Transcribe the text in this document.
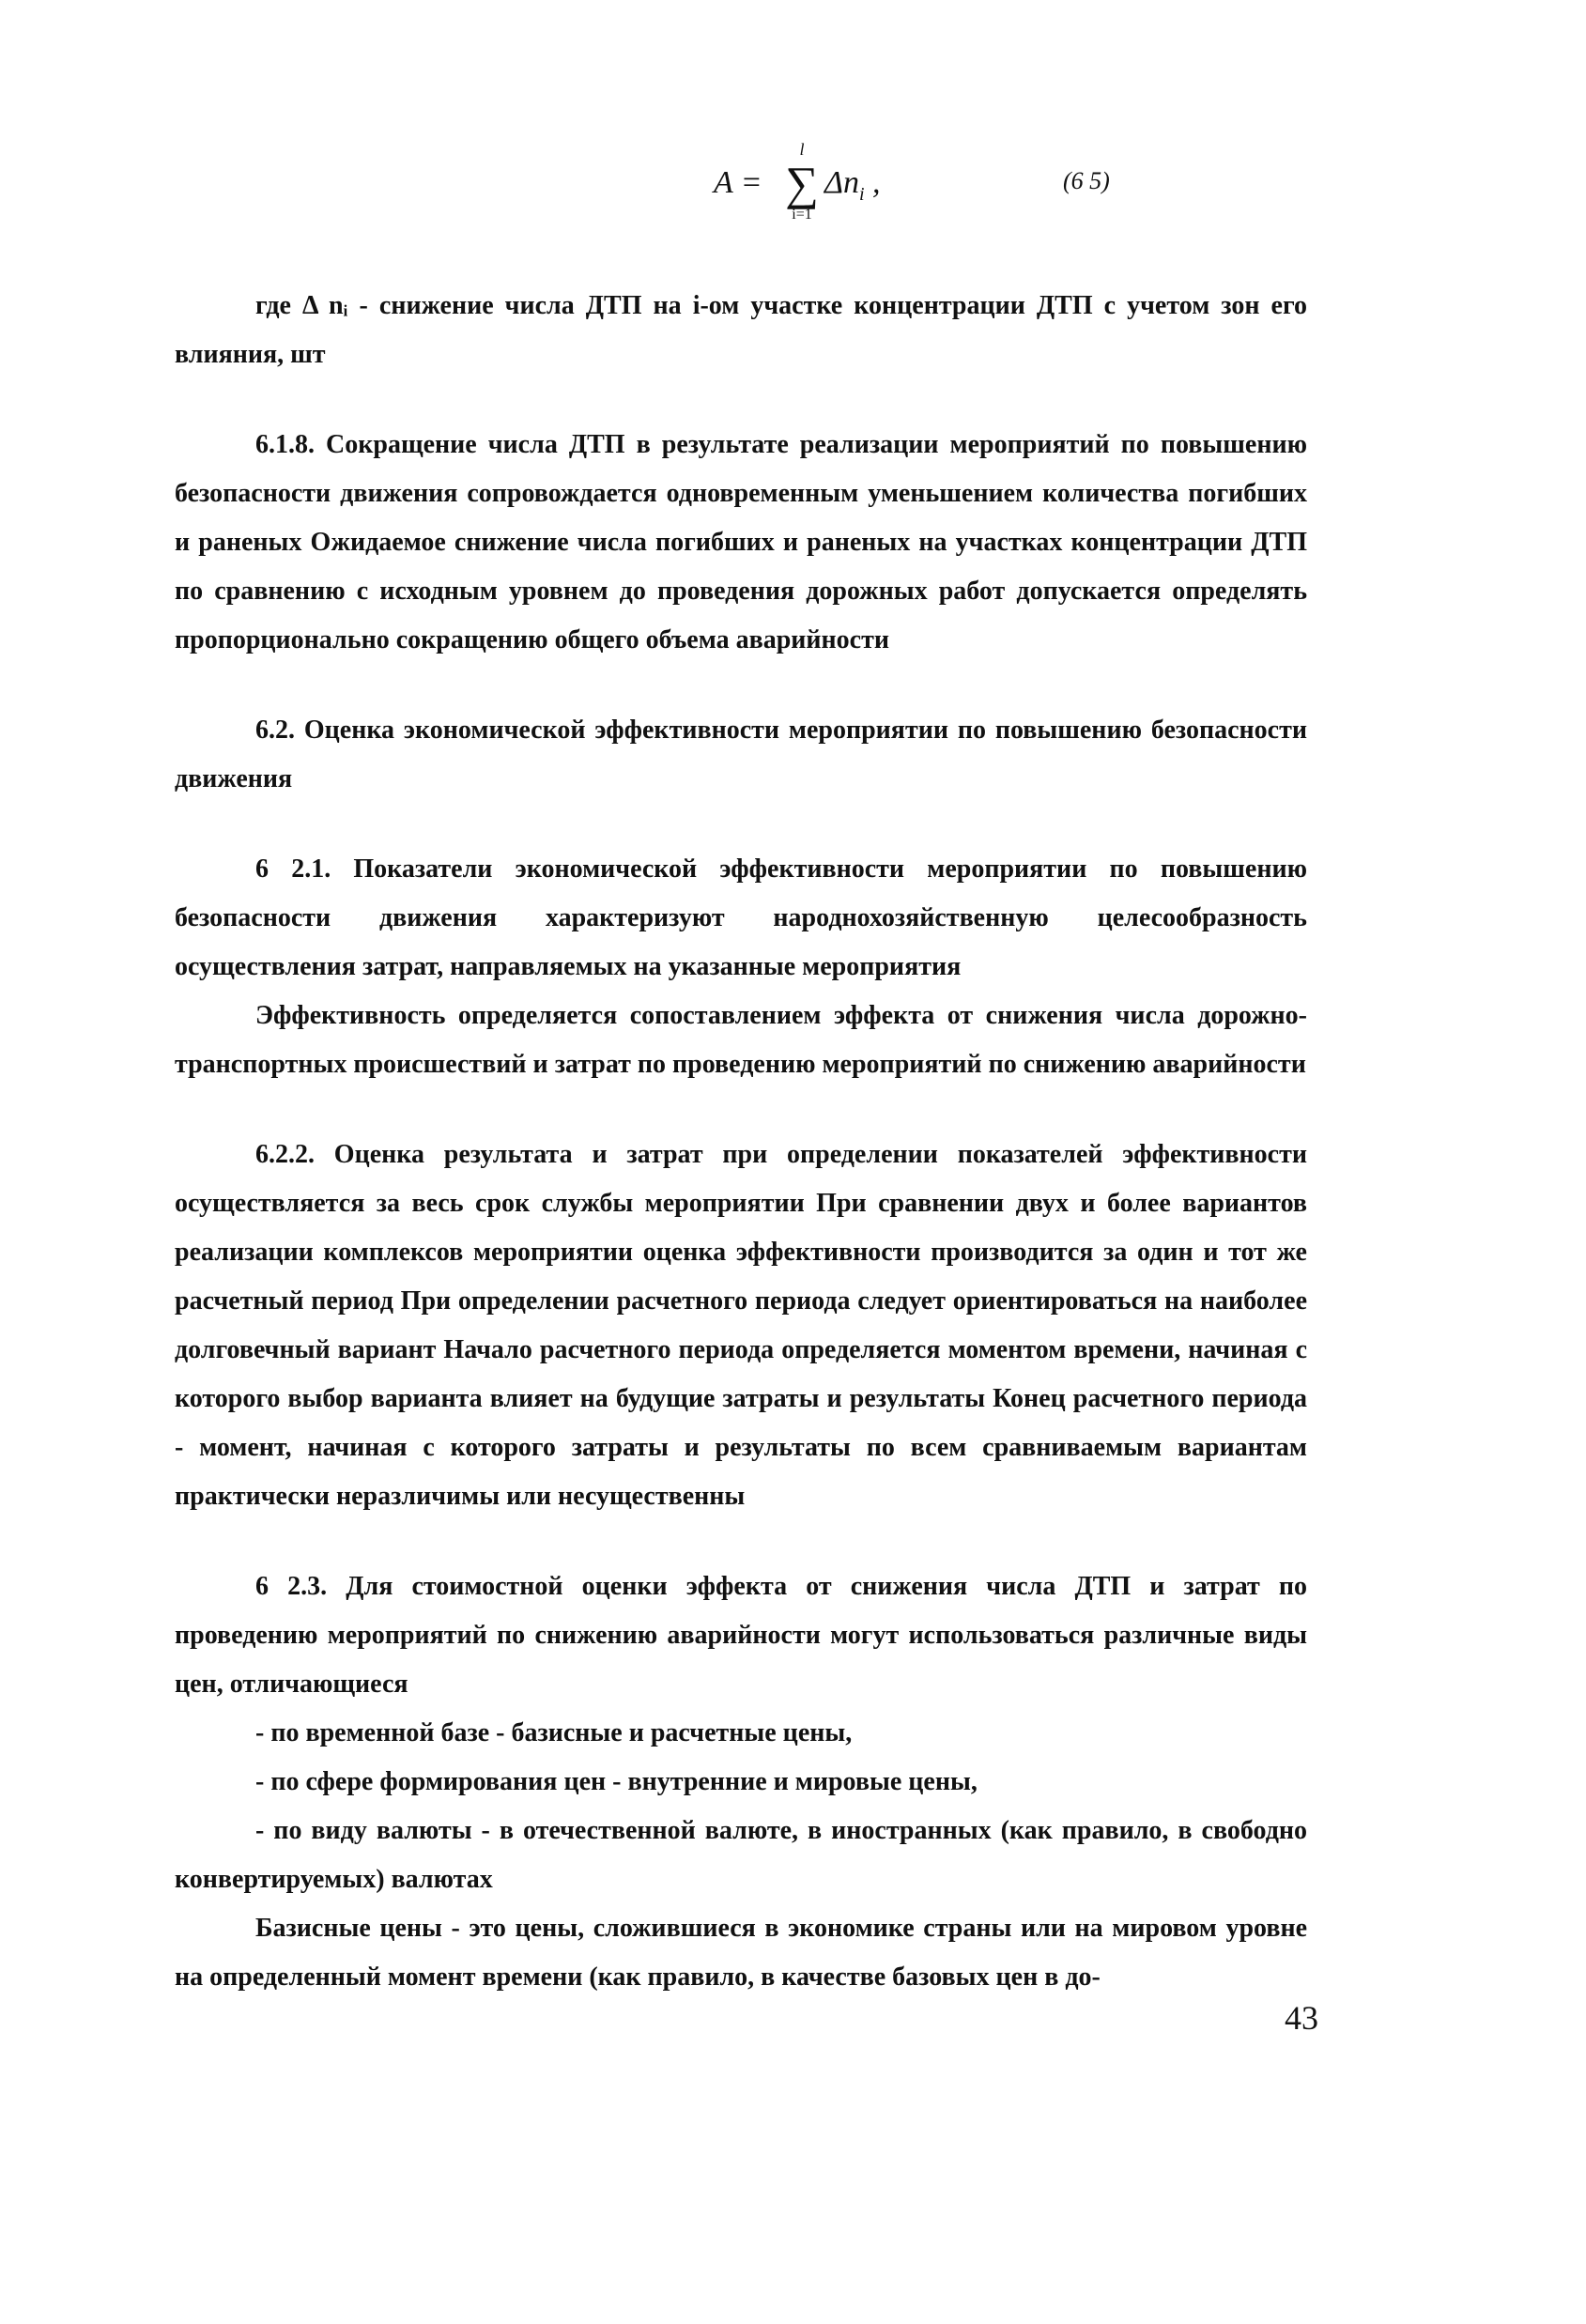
A =
l
∑
i=1
$\Delta n_i$ ,	(6 5)

где Δ nᵢ - снижение числа ДТП на i-ом участке концентрации ДТП с учетом зон его влияния, шт

6.1.8. Сокращение числа ДТП в результате реализации мероприятий по повышению безопасности движения сопровождается одновременным уменьшением количества погибших и раненых Ожидаемое снижение числа погибших и раненых на участках концентрации ДТП по сравнению с исходным уровнем до проведения дорожных работ допускается определять пропорционально сокращению общего объема аварийности

6.2. Оценка экономической эффективности мероприятии по повышению безопасности движения

6 2.1. Показатели экономической эффективности мероприятии по повышению безопасности движения характеризуют народнохозяйственную целесообразность осуществления затрат, направляемых на указанные мероприятия

Эффективность определяется сопоставлением эффекта от снижения числа дорожно-транспортных происшествий и затрат по проведению мероприятий по снижению аварийности

6.2.2. Оценка результата и затрат при определении показателей эффективности осуществляется за весь срок службы мероприятии При сравнении двух и более вариантов реализации комплексов мероприятии оценка эффективности производится за один и тот же расчетный период При определении расчетного периода следует ориентироваться на наиболее долговечный вариант Начало расчетного периода определяется моментом времени, начиная с которого выбор варианта влияет на будущие затраты и результаты Конец расчетного периода - момент, начиная с которого затраты и результаты по всем сравниваемым вариантам практически неразличимы или несущественны

6 2.3. Для стоимостной оценки эффекта от снижения числа ДТП и затрат по проведению мероприятий по снижению аварийности могут использоваться различные виды цен, отличающиеся

- по временной базе - базисные и расчетные цены,

- по сфере формирования цен - внутренние и мировые цены,

- по виду валюты - в отечественной валюте, в иностранных (как правило, в свободно конвертируемых) валютах

Базисные цены - это цены, сложившиеся в экономике страны или на мировом уровне на определенный момент времени (как правило, в качестве базовых цен в до-

43
